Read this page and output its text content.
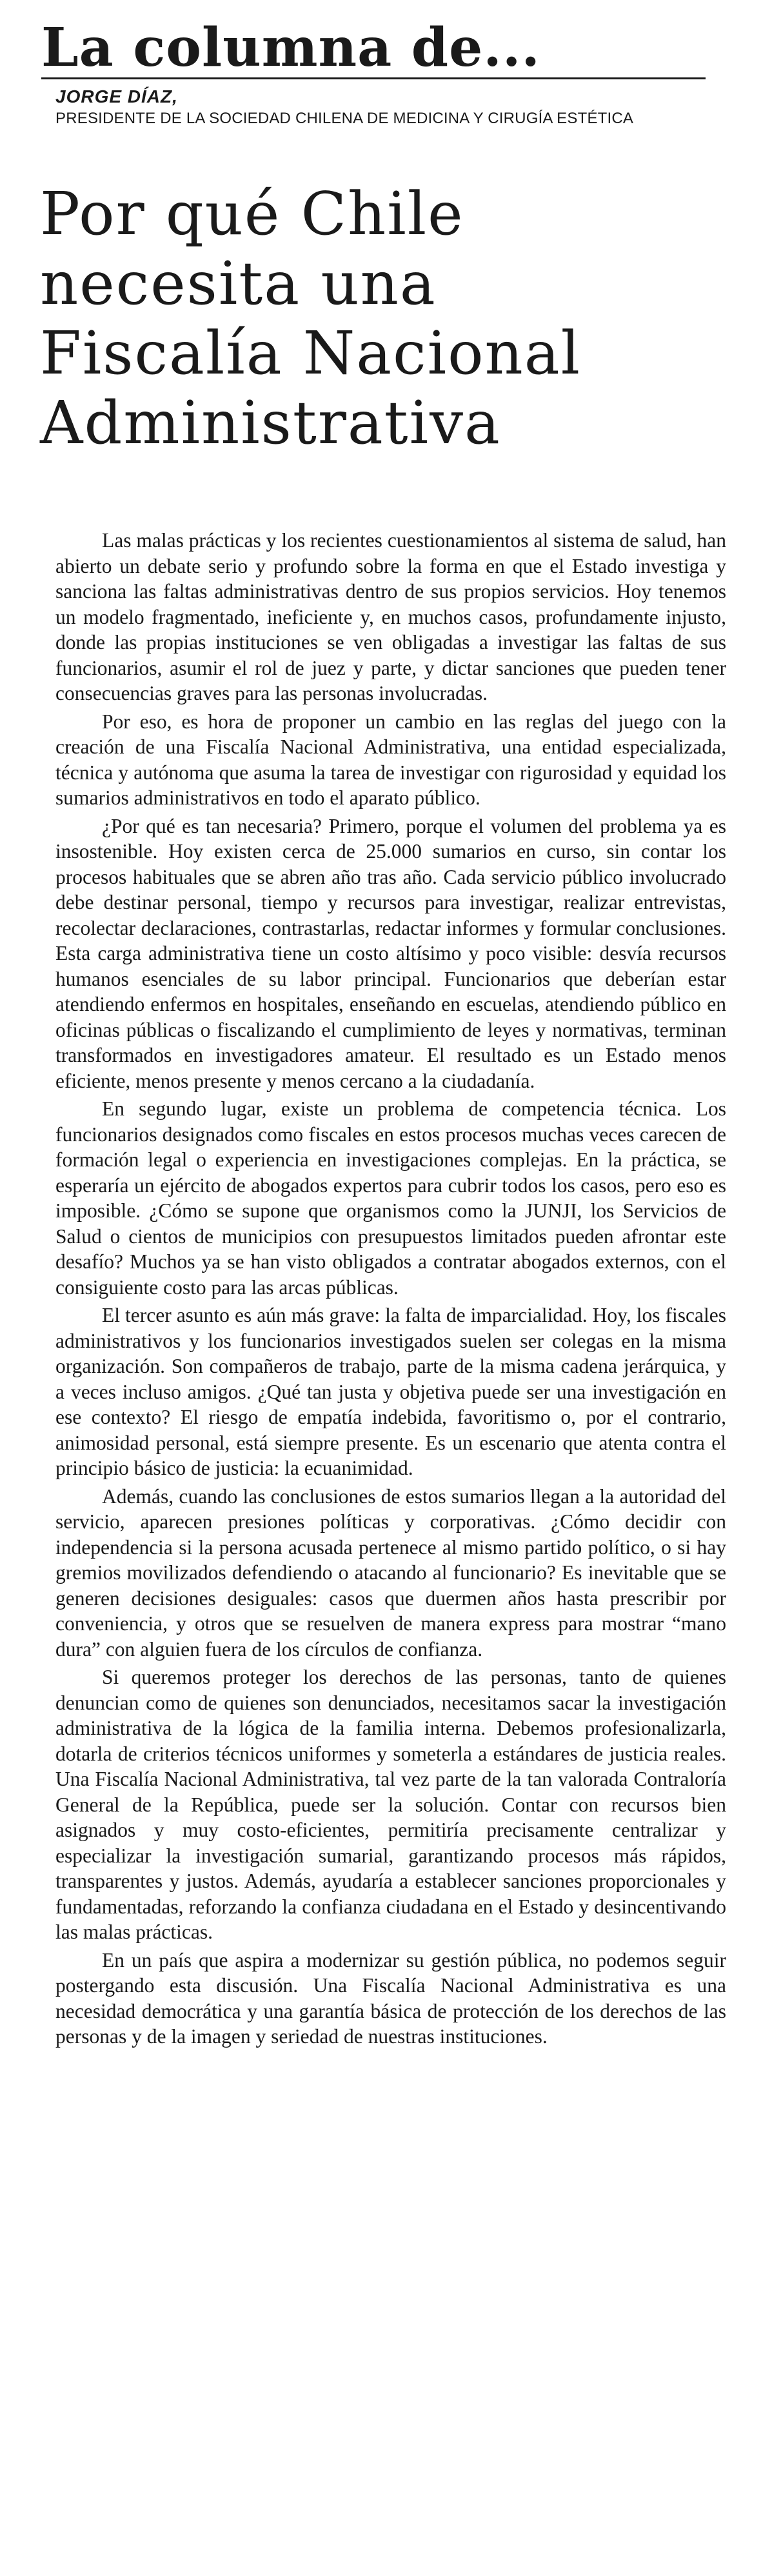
La columna de...
JORGE DÍAZ,
PRESIDENTE DE LA SOCIEDAD CHILENA DE MEDICINA Y CIRUGÍA ESTÉTICA
Por qué Chile
necesita una
Fiscalía Nacional
Administrativa

Las malas prácticas y los recientes cuestionamientos al sistema de salud, han abierto un debate serio y profundo sobre la forma en que el Estado investiga y sanciona las faltas administrativas dentro de sus propios servicios. Hoy tenemos un modelo fragmentado, ineficiente y, en muchos casos, profundamente injusto, donde las propias instituciones se ven obligadas a investigar las faltas de sus funcionarios, asumir el rol de juez y parte, y dictar sanciones que pueden tener consecuencias graves para las personas involucradas.

Por eso, es hora de proponer un cambio en las reglas del juego con la creación de una Fiscalía Nacional Administrativa, una entidad especializada, técnica y autónoma que asuma la tarea de investigar con rigurosidad y equidad los sumarios administrativos en todo el aparato público.

¿Por qué es tan necesaria? Primero, porque el volumen del problema ya es insostenible. Hoy existen cerca de 25.000 sumarios en curso, sin contar los procesos habituales que se abren año tras año. Cada servicio público involucrado debe destinar personal, tiempo y recursos para investigar, realizar entrevistas, recolectar declaraciones, contrastarlas, redactar informes y formular conclusiones. Esta carga administrativa tiene un costo altísimo y poco visible: desvía recursos humanos esenciales de su labor principal. Funcionarios que deberían estar atendiendo enfermos en hospitales, enseñando en escuelas, atendiendo público en oficinas públicas o fiscalizando el cumplimiento de leyes y normativas, terminan transformados en investigadores amateur. El resultado es un Estado menos eficiente, menos presente y menos cercano a la ciudadanía.

En segundo lugar, existe un problema de competencia técnica. Los funcionarios designados como fiscales en estos procesos muchas veces carecen de formación legal o experiencia en investigaciones complejas. En la práctica, se esperaría un ejército de abogados expertos para cubrir todos los casos, pero eso es imposible. ¿Cómo se supone que organismos como la JUNJI, los Servicios de Salud o cientos de municipios con presupuestos limitados pueden afrontar este desafío? Muchos ya se han visto obligados a contratar abogados externos, con el consiguiente costo para las arcas públicas.

El tercer asunto es aún más grave: la falta de imparcialidad. Hoy, los fiscales administrativos y los funcionarios investigados suelen ser colegas en la misma organización. Son compañeros de trabajo, parte de la misma cadena jerárquica, y a veces incluso amigos. ¿Qué tan justa y objetiva puede ser una investigación en ese contexto? El riesgo de empatía indebida, favoritismo o, por el contrario, animosidad personal, está siempre presente. Es un escenario que atenta contra el principio básico de justicia: la ecuanimidad.

Además, cuando las conclusiones de estos sumarios llegan a la autoridad del servicio, aparecen presiones políticas y corporativas. ¿Cómo decidir con independencia si la persona acusada pertenece al mismo partido político, o si hay gremios movilizados defendiendo o atacando al funcionario? Es inevitable que se generen decisiones desiguales: casos que duermen años hasta prescribir por conveniencia, y otros que se resuelven de manera express para mostrar “mano dura” con alguien fuera de los círculos de confianza.

Si queremos proteger los derechos de las personas, tanto de quienes denuncian como de quienes son denunciados, necesitamos sacar la investigación administrativa de la lógica de la familia interna. Debemos profesionalizarla, dotarla de criterios técnicos uniformes y someterla a estándares de justicia reales. Una Fiscalía Nacional Administrativa, tal vez parte de la tan valorada Contraloría General de la República, puede ser la solución. Contar con recursos bien asignados y muy costo-eficientes, permitiría precisamente centralizar y especializar la investigación sumarial, garantizando procesos más rápidos, transparentes y justos. Además, ayudaría a establecer sanciones proporcionales y fundamentadas, reforzando la confianza ciudadana en el Estado y desincentivando las malas prácticas.

En un país que aspira a modernizar su gestión pública, no podemos seguir postergando esta discusión. Una Fiscalía Nacional Administrativa es una necesidad democrática y una garantía básica de protección de los derechos de las personas y de la imagen y seriedad de nuestras instituciones.
